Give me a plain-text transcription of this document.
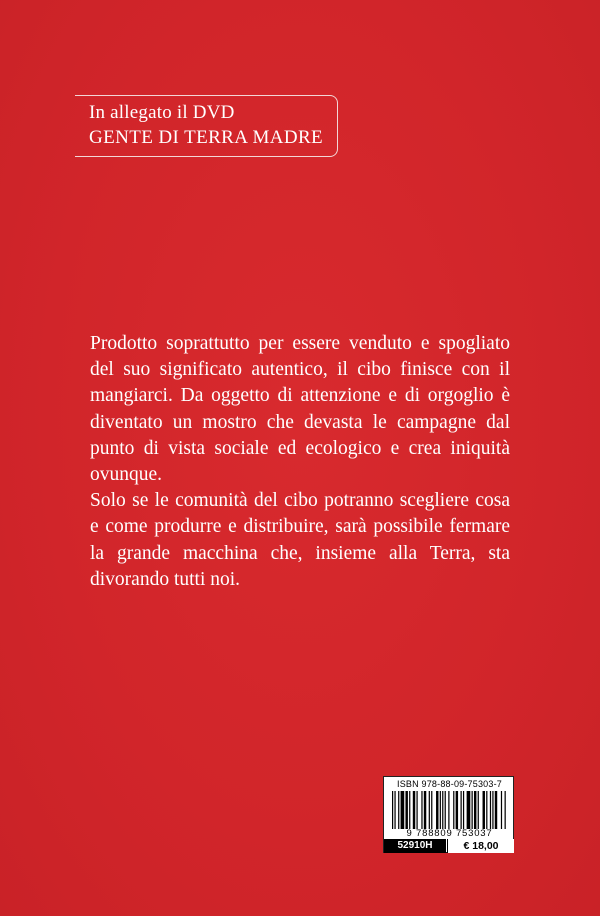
In allegato il DVD
GENTE DI TERRA MADRE

Prodotto soprattutto per essere venduto e spogliato del suo significato autentico, il cibo finisce con il mangiarci. Da oggetto di attenzione e di orgoglio è diventato un mostro che devasta le campagne dal punto di vista sociale ed ecologico e crea iniquità ovunque.

Solo se le comunità del cibo potranno scegliere cosa e come produrre e distribuire, sarà possibile fermare la grande macchina che, insieme alla Terra, sta divorando tutti noi.

ISBN 978-88-09-75303-7
9 788809 753037
52910H	€ 18,00
